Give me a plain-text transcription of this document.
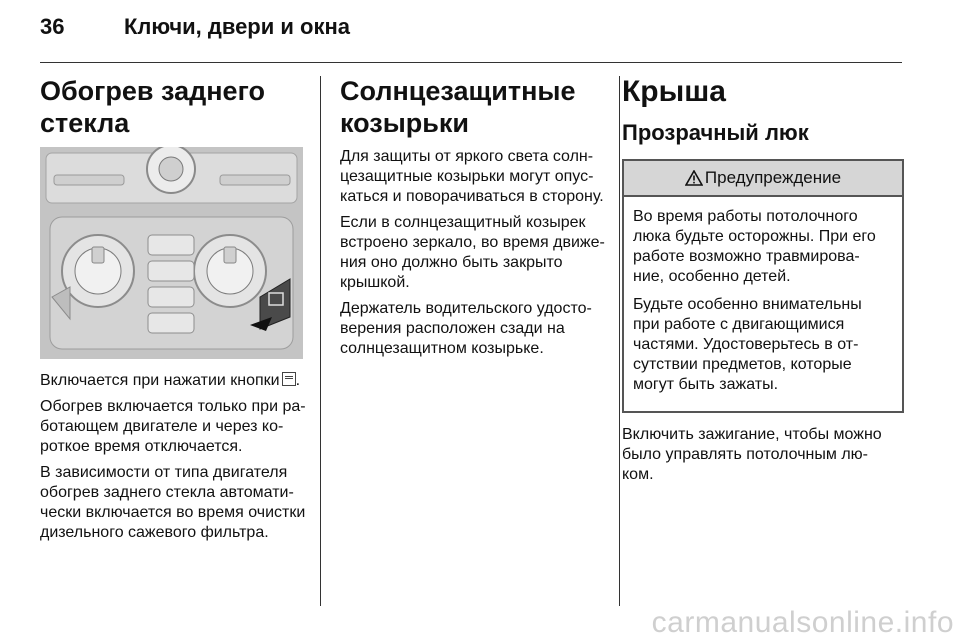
36	Ключи, двери и окна
Обогрев заднего стекла
Включается при нажатии кнопки .
Обогрев включается только при ра-
ботающем двигателе и через ко-
роткое время отключается.
В зависимости от типа двигателя
обогрев заднего стекла автомати-
чески включается во время очистки
дизельного сажевого фильтра.
Солнцезащитные
козырьки
Для защиты от яркого света солн-
цезащитные козырьки могут опус-
каться и поворачиваться в сторону.
Если в солнцезащитный козырек
встроено зеркало, во время движе-
ния оно должно быть закрыто
крышкой.
Держатель водительского удосто-
верения расположен сзади на
солнцезащитном козырьке.
Крыша
Прозрачный люк
Предупреждение
Во время работы потолочного
люка будьте осторожны. При его
работе возможно травмирова-
ние, особенно детей.
Будьте особенно внимательны
при работе с двигающимися
частями. Удостоверьтесь в от-
сутствии предметов, которые
могут быть зажаты.
Включить зажигание, чтобы можно
было управлять потолочным лю-
ком.
carmanualsonline.info
